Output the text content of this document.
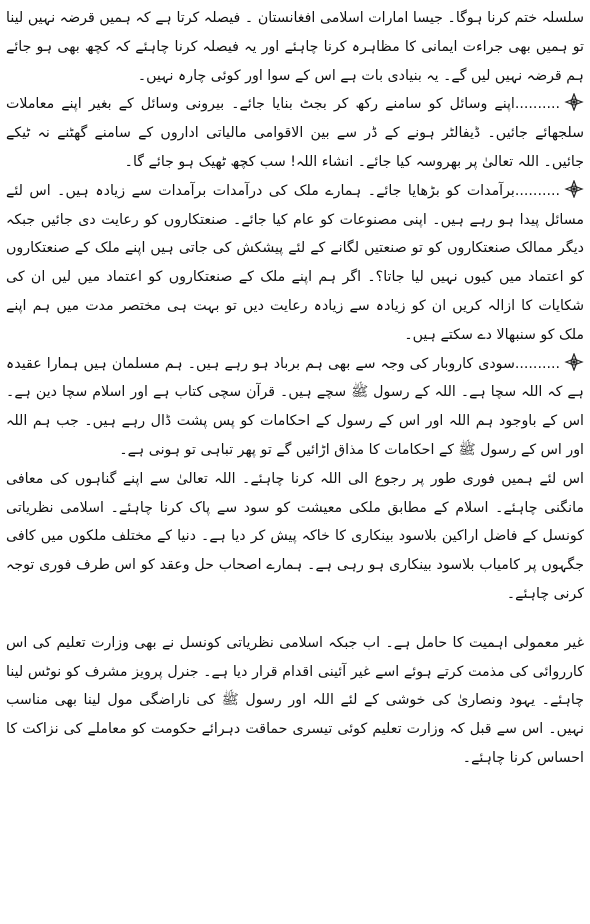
سلسلہ ختم کرنا ہوگا۔ جیسا امارات اسلامی افغانستان ۔ فیصلہ کرتا ہے کہ ہمیں قرضہ نہیں لینا تو ہمیں بھی جراءت ایمانی کا مظاہرہ کرنا چاہئے اور یہ فیصلہ کرنا چاہئے کہ کچھ بھی ہو جائے ہم قرضہ نہیں لیں گے۔ یہ بنیادی بات ہے اس کے سوا اور کوئی چارہ نہیں۔

..........اپنے وسائل کو سامنے رکھ کر بجٹ بنایا جائے۔ بیرونی وسائل کے بغیر اپنے معاملات سلجھائے جائیں۔ ڈیفالٹر ہونے کے ڈر سے بین الاقوامی مالیاتی اداروں کے سامنے گھٹنے نہ ٹیکے جائیں۔ اللہ تعالیٰ پر بھروسہ کیا جائے۔ انشاء اللہ! سب کچھ ٹھیک ہو جائے گا۔

..........برآمدات کو بڑھایا جائے۔ ہمارے ملک کی درآمدات برآمدات سے زیادہ ہیں۔ اس لئے مسائل پیدا ہو رہے ہیں۔ اپنی مصنوعات کو عام کیا جائے۔ صنعتکاروں کو رعایت دی جائیں جبکہ دیگر ممالک صنعتکاروں کو تو صنعتیں لگانے کے لئے پیشکش کی جاتی ہیں اپنے ملک کے صنعتکاروں کو اعتماد میں کیوں نہیں لیا جاتا؟۔ اگر ہم اپنے ملک کے صنعتکاروں کو اعتماد میں لیں ان کی شکایات کا ازالہ کریں ان کو زیادہ سے زیادہ رعایت دیں تو بہت ہی مختصر مدت میں ہم اپنے ملک کو سنبھالا دے سکتے ہیں۔

..........سودی کاروبار کی وجہ سے بھی ہم برباد ہو رہے ہیں۔ ہم مسلمان ہیں ہمارا عقیدہ ہے کہ اللہ سچا ہے۔ اللہ کے رسول ﷺ سچے ہیں۔ قرآن سچی کتاب ہے اور اسلام سچا دین ہے۔ اس کے باوجود ہم اللہ اور اس کے رسول کے احکامات کو پس پشت ڈال رہے ہیں۔ جب ہم اللہ اور اس کے رسول ﷺ کے احکامات کا مذاق اڑائیں گے تو پھر تباہی تو ہونی ہے۔

اس لئے ہمیں فوری طور پر رجوع الی اللہ کرنا چاہئے۔ اللہ تعالیٰ سے اپنے گناہوں کی معافی مانگنی چاہئے۔ اسلام کے مطابق ملکی معیشت کو سود سے پاک کرنا چاہئے۔ اسلامی نظریاتی کونسل کے فاضل اراکین بلاسود بینکاری کا خاکہ پیش کر دیا ہے۔ دنیا کے مختلف ملکوں میں کافی جگہوں پر کامیاب بلاسود بینکاری ہو رہی ہے۔ ہمارے اصحاب حل وعقد کو اس طرف فوری توجہ کرنی چاہئے۔

غیر معمولی اہمیت کا حامل ہے۔ اب جبکہ اسلامی نظریاتی کونسل نے بھی وزارت تعلیم کی اس کارروائی کی مذمت کرتے ہوئے اسے غیر آئینی اقدام قرار دیا ہے۔ جنرل پرویز مشرف کو نوٹس لینا چاہئے۔ یہود ونصاریٰ کی خوشی کے لئے اللہ اور رسول ﷺ کی ناراضگی مول لینا بھی مناسب نہیں۔ اس سے قبل کہ وزارت تعلیم کوئی تیسری حماقت دہرائے حکومت کو معاملے کی نزاکت کا احساس کرنا چاہئے۔
